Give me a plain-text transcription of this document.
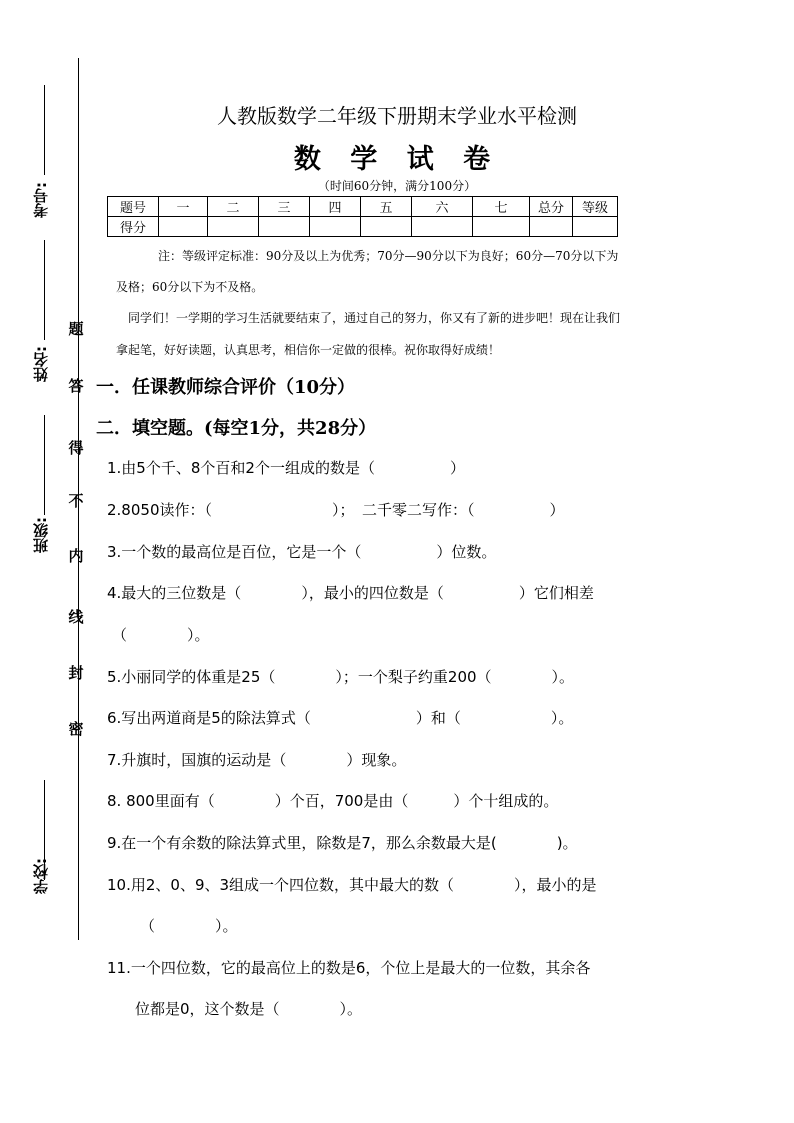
考号:
姓名:
班级:
学校:
题
答
得
不
内
线
封
密
人教版数学二年级下册期末学业水平检测
数 学 试 卷
（时间60分钟，满分100分）
题号	一	二	三	四	五	六	七	总分	等级
得分									
注：等级评定标准：90分及以上为优秀；70分—90分以下为良好；60分—70分以下为
及格；60分以下为不及格。
同学们！一学期的学习生活就要结束了，通过自己的努力，你又有了新的进步吧！现在让我们
拿起笔，好好读题，认真思考，相信你一定做的很棒。祝你取得好成绩！
一．任课教师综合评价（10分）
二．填空题。(每空1分，共28分）
1.由5个千、8个百和2个一组成的数是（　　　　　）
2.8050读作：（　　　　　　　　）；　二千零二写作：（　　　　　）
3.一个数的最高位是百位，它是一个（　　　　　）位数。
4.最大的三位数是（　　　　），最小的四位数是（　　　　　）它们相差
（　　　　）。
5.小丽同学的体重是25（　　　　）；一个梨子约重200（　　　　）。
6.写出两道商是5的除法算式（　　　　　　　）和（　　　　　　）。
7.升旗时，国旗的运动是（　　　　）现象。
8. 800里面有（　　　　）个百，700是由（　　　）个十组成的。
9.在一个有余数的除法算式里，除数是7，那么余数最大是(　　　　)。
10.用2、0、9、3组成一个四位数，其中最大的数（　　　　），最小的是
（　　　　）。
11.一个四位数，它的最高位上的数是6，个位上是最大的一位数，其余各
位都是0，这个数是（　　　　）。
